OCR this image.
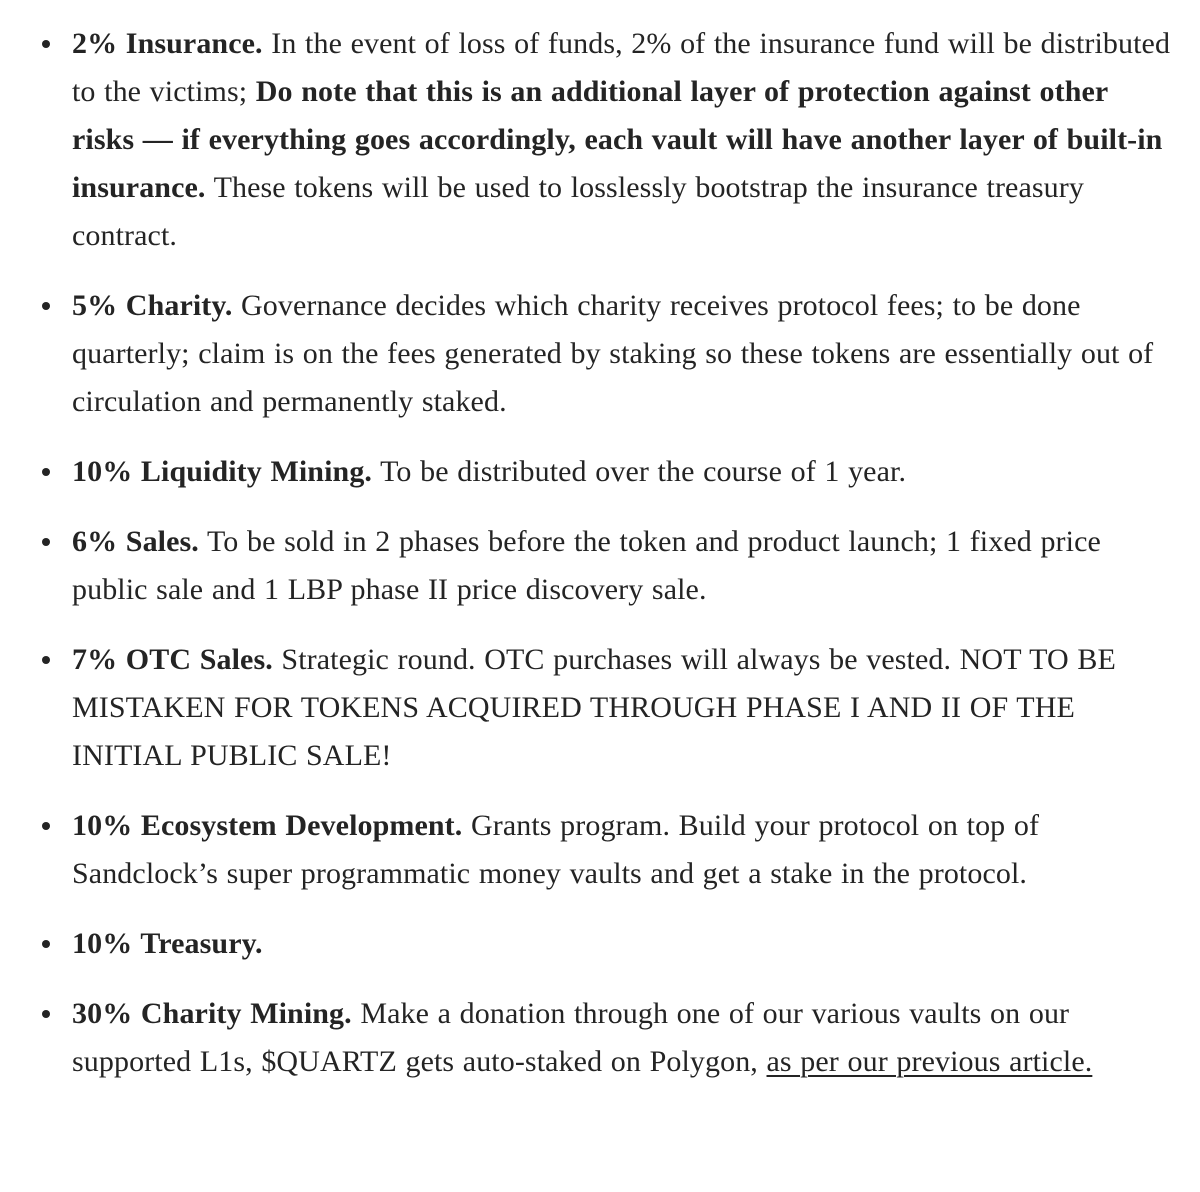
2% Insurance. In the event of loss of funds, 2% of the insurance fund will be distributed to the victims; Do note that this is an additional layer of protection against other risks — if everything goes accordingly, each vault will have another layer of built-in insurance. These tokens will be used to losslessly bootstrap the insurance treasury contract.
5% Charity. Governance decides which charity receives protocol fees; to be done quarterly; claim is on the fees generated by staking so these tokens are essentially out of circulation and permanently staked.
10% Liquidity Mining. To be distributed over the course of 1 year.
6% Sales. To be sold in 2 phases before the token and product launch; 1 fixed price public sale and 1 LBP phase II price discovery sale.
7% OTC Sales. Strategic round. OTC purchases will always be vested. NOT TO BE MISTAKEN FOR TOKENS ACQUIRED THROUGH PHASE I AND II OF THE INITIAL PUBLIC SALE!
10% Ecosystem Development. Grants program. Build your protocol on top of Sandclock’s super programmatic money vaults and get a stake in the protocol.
10% Treasury.
30% Charity Mining. Make a donation through one of our various vaults on our supported L1s, $QUARTZ gets auto-staked on Polygon, as per our previous article.
